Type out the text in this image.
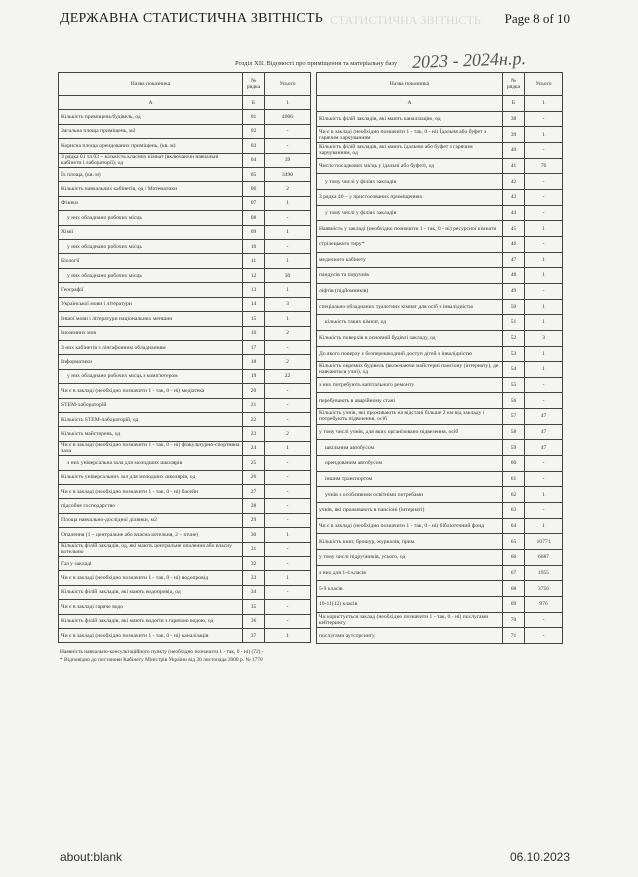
ДЕРЖАВНА СТАТИСТИЧНА ЗВІТНІСТЬ СТАТИСТИЧНА ЗВІТНІСТЬ Page 8 of 10
Розділ XII. Відомості про приміщення та матеріальну базу 2023 - 2024н.р.
Назва показника	№ рядка	Усього
А	Б	1
Кількість приміщень/будівель, од	01	4006
Загальна площа приміщень, м2	02	-
Корисна площа орендованих приміщень, (кв. м)	03	-
З рядка 01 та 03 – кількість класних кімнат (включаючи навчальні кабінети і лабораторії), од	04	39
Їх площа, (кв. м)	05	3490
Кількість навчальних кабінетів, од / Математики	06	2
Фізики	07	1
у них обладнано робочих місць	08	-
Хімії	09	1
у них обладнано робочих місць	10	-
Біології	11	1
у них обладнано робочих місць	12	30
Географії	13	1
Української мови і літератури	14	3
Іншої мови і літератури національних меншин	15	1
Іноземних мов	16	2
З них кабінетів з лінгафонним обладнанням	17	-
Інформатики	18	2
у них обладнано робочих місць з комп'ютером	19	22
Чи є в закладі (необхідно позначити 1 - так, 0 - ні) медіатека	20	-
STEM-лабораторій	21	-
Кількість STEM-лабораторій, од	22	-
Кількість майстерень, од	23	2
Чи є в закладі (необхідно позначити 1 - так, 0 - ні) фізкультурно-спортивна зала	24	1
з них універсальна зала для молодших школярів	25	-
Кількість універсальних зал для молодших школярів, од	26	-
Чи є в закладі (необхідно позначити 1 - так, 0 - ні) басейн	27	-
підсобне господарство	28	-
Площа навчально-дослідної ділянки, м2	29	-
Опалення (1 – центральне або власна котельня, 2 – пічне)	30	1
Кількість філій закладів, од, які мають центральне опалення або власну котельню	31	-
Газ у закладі	32	-
Чи є в закладі (необхідно позначити 1 - так, 0 - ні) водопровід	33	1
Кількість філій закладів, які мають водопровід, од	34	-
Чи є в закладі гаряче водо	35	-
Кількість філій закладів, які мають водогін з гарячою водою, од	36	-
Чи є в закладі (необхідно позначити 1 - так, 0 - ні) каналізація	37	1
Назва показника	№ рядка	Усього
А	Б	1
Кількість філій закладів, які мають каналізацію, од	38	-
Чи є в закладі (необхідно позначити 1 - так, 0 - ні) Їдальня або буфет з гарячим харчуванням	39	1
Кількість філій закладів, які мають їдальню або буфет з гарячим харчуванням, од	40	-
Число посадкових місць у їдальні або буфеті, од	41	76
у тому числі у філіях закладів	42	-
З рядка 40 – у пристосованих приміщеннях	43	-
у тому числі у філіях закладів	44	-
Наявність у закладі (необхідно позначити 1 - так, 0 - ні) ресурсної кімнати	45	1
стрілецького тиру*	46	-
медичного кабінету	47	1
пандусів та поручнів	48	1
ліфтів (підйомників)	49	-
спеціально обладнаних туалетних кімнат для осіб з інвалідністю	50	1
кількість таких кімнат, од	51	1
Кількість поверхів в основній будівлі закладу, од	52	3
До якого поверху є безперешкодний доступ дітей з інвалідністю	53	1
Кількість окремих будівель (включаючи майстерні пансіону (інтернату), де навчаються учні), од	54	1
з них потребують капітального ремонту	55	-
перебувають в аварійному стані	56	-
Кількість учнів, які проживають на відстані більше 2 км від закладу і потребують підвезення, осіб	57	47
у тому числі учнів, для яких організовано підвезення, осіб	58	47
шкільним автобусом	59	47
орендованим автобусом	60	-
іншим транспортом	61	-
учнів з особливими освітніми потребами	62	1
учнів, які проживають в пансіоні (інтернаті)	63	-
Чи є в закладі (необхідно позначити 1 - так, 0 - ні) бібліотечний фонд	64	1
Кількість книг, брошур, журналів, прим.	65	10771
у тому числі підручників, усього, од	66	6687
з них для 1-4 класів	67	1955
5-9 класів	68	3756
10-11(12) класів	69	976
Чи користується заклад (необхідно позначити 1 - так, 0 - ні) послугами кейтерингу	70	-
послугами аутсорсингу	71	-
Наявність навчально-консультаційного пункту (необхідно позначити 1 - так, 0 - ні) (72) -
* Відповідно до постанови Кабінету Міністрів України від 30 листопада 2000 р. № 1770
about:blank	06.10.2023
